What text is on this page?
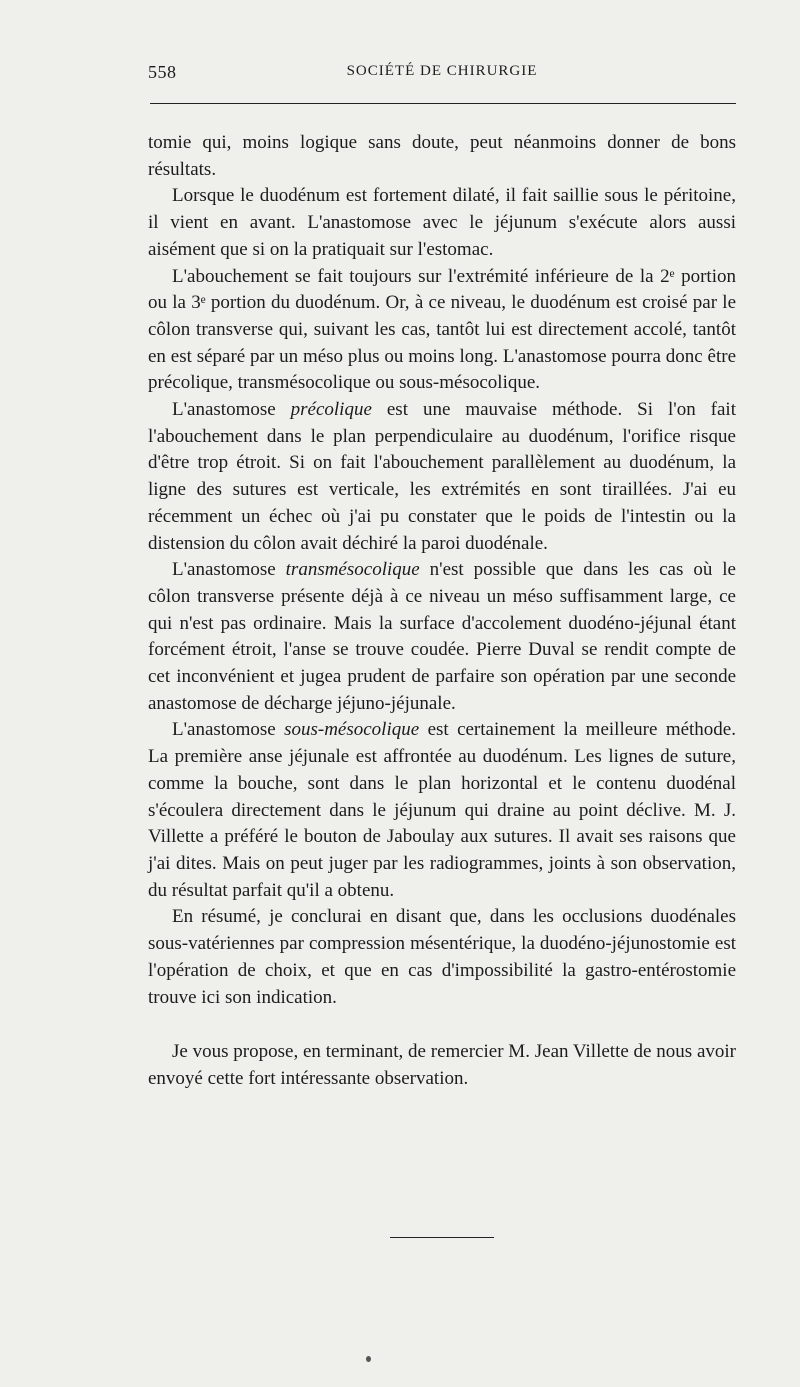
558	SOCIÉTÉ DE CHIRURGIE

tomie qui, moins logique sans doute, peut néanmoins donner de bons résultats.

Lorsque le duodénum est fortement dilaté, il fait saillie sous le péritoine, il vient en avant. L'anastomose avec le jéjunum s'exécute alors aussi aisément que si on la pratiquait sur l'estomac.

L'abouchement se fait toujours sur l'extrémité inférieure de la 2ᵉ portion ou la 3ᵉ portion du duodénum. Or, à ce niveau, le duodénum est croisé par le côlon transverse qui, suivant les cas, tantôt lui est directement accolé, tantôt en est séparé par un méso plus ou moins long. L'anastomose pourra donc être précolique, transmésocolique ou sous-mésocolique.

L'anastomose précolique est une mauvaise méthode. Si l'on fait l'abouchement dans le plan perpendiculaire au duodénum, l'orifice risque d'être trop étroit. Si on fait l'abouchement parallèlement au duodénum, la ligne des sutures est verticale, les extrémités en sont tiraillées. J'ai eu récemment un échec où j'ai pu constater que le poids de l'intestin ou la distension du côlon avait déchiré la paroi duodénale.

L'anastomose transmésocolique n'est possible que dans les cas où le côlon transverse présente déjà à ce niveau un méso suffisamment large, ce qui n'est pas ordinaire. Mais la surface d'accolement duodéno-jéjunal étant forcément étroit, l'anse se trouve coudée. Pierre Duval se rendit compte de cet inconvénient et jugea prudent de parfaire son opération par une seconde anastomose de décharge jéjuno-jéjunale.

L'anastomose sous-mésocolique est certainement la meilleure méthode. La première anse jéjunale est affrontée au duodénum. Les lignes de suture, comme la bouche, sont dans le plan horizontal et le contenu duodénal s'écoulera directement dans le jéjunum qui draine au point déclive. M. J. Villette a préféré le bouton de Jaboulay aux sutures. Il avait ses raisons que j'ai dites. Mais on peut juger par les radiogrammes, joints à son observation, du résultat parfait qu'il a obtenu.

En résumé, je conclurai en disant que, dans les occlusions duodénales sous-vatériennes par compression mésentérique, la duodéno-jéjunostomie est l'opération de choix, et que en cas d'impossibilité la gastro-entérostomie trouve ici son indication.

Je vous propose, en terminant, de remercier M. Jean Villette de nous avoir envoyé cette fort intéressante observation.
